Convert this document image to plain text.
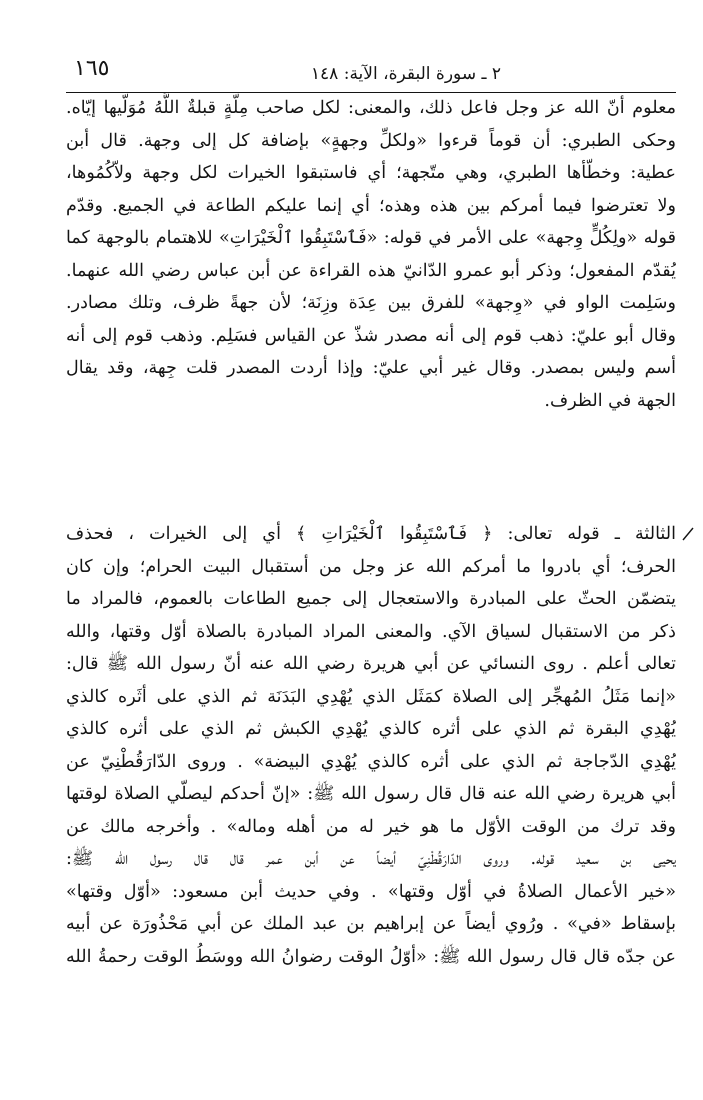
٢ ـ سورة البقرة، الآية: ١٤٨
١٦٥
معلوم أنّ الله عز وجل فاعل ذلك، والمعنى: لكل صاحب مِلّةٍ قبلةٌ اللَّهُ مُوَلّيها إيّاه.
وحكى الطبري: أن قوماً قرءوا «ولكلِّ وجهةٍ» بإضافة كل إلى وجهة. قال أبن
عطية: وخطّأها الطبري، وهي متّجهة؛ أي فاستبقوا الخيرات لكل وجهة ولاّكُمُوها،
ولا تعترضوا فيما أمركم بين هذه وهذه؛ أي إنما عليكم الطاعة في الجميع. وقدّم
قوله «ولِكُلٍّ وِجهة» على الأمر في قوله: «فَٱسْتَبِقُوا ٱلْخَيْرَاتِ» للاهتمام بالوجهة كما
يُقدّم المفعول؛ وذكر أبو عمرو الدّانيّ هذه القراءة عن أبن عباس رضي الله عنهما.
وسَلِمت الواو في «وِجهة» للفرق بين عِدَة وزِنَة؛ لأن جهةً ظرف، وتلك مصادر.
وقال أبو عليّ: ذهب قوم إلى أنه مصدر شذّ عن القياس فسَلِم. وذهب قوم إلى أنه
أسم وليس بمصدر. وقال غير أبي عليّ: وإذا أردت المصدر قلت جِهة، وقد يقال
الجهة في الظرف.
الثالثة ـ قوله تعالى: ﴿ فَٱسْتَبِقُوا ٱلْخَيْرَاتِ ﴾ أي إلى الخيرات ، فحذف
الحرف؛ أي بادروا ما أمركم الله عز وجل من أستقبال البيت الحرام؛ وإن كان
يتضمّن الحثّ على المبادرة والاستعجال إلى جميع الطاعات بالعموم، فالمراد ما
ذكر من الاستقبال لسياق الآي. والمعنى المراد المبادرة بالصلاة أوّل وقتها، والله
تعالى أعلم . روى النسائي عن أبي هريرة رضي الله عنه أنّ رسول الله ﷺ قال:
«إنما مَثَلُ المُهجِّر إلى الصلاة كمَثَل الذي يُهْدِي البَدَنَة ثم الذي على أثَره كالذي
يُهْدِي البقرة ثم الذي على أثره كالذي يُهْدِي الكبش ثم الذي على أثره كالذي
يُهْدِي الدّجاجة ثم الذي على أثره كالذي يُهْدِي البيضة» . وروى الدّارَقُطْنِيّ عن
أبي هريرة رضي الله عنه قال قال رسول الله ﷺ: «إنّ أحدكم ليصلّي الصلاة لوقتها
وقد ترك من الوقت الأوّل ما هو خير له من أهله وماله» . وأخرجه مالك عن
يحيى بن سعيد قوله. وروى الدّارَقُطْنِيّ أيضاً عن أبن عمر قال قال رسول الله ﷺ:
«خير الأعمال الصلاةُ في أوّل وقتها» . وفي حديث أبن مسعود: «أوّل وقتها»
بإسقاط «في» . ورُوي أيضاً عن إبراهيم بن عبد الملك عن أبي مَحْذُورَة عن أبيه
عن جدّه قال قال رسول الله ﷺ: «أوّلُ الوقت رضوانُ الله ووسَطُ الوقت رحمةُ الله
